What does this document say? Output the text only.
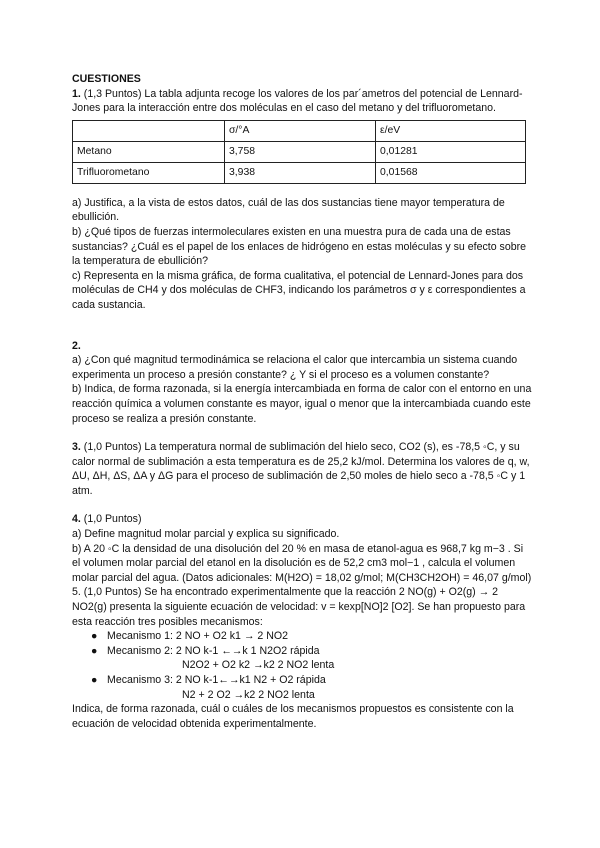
CUESTIONES

1. (1,3 Puntos) La tabla adjunta recoge los valores de los par´ametros del potencial de Lennard-Jones para la interacción entre dos moléculas en el caso del metano y del trifluorometano.

	σ/°A	ε/eV
Metano	3,758	0,01281
Trifluorometano	3,938	0,01568

a) Justifica, a la vista de estos datos, cuál de las dos sustancias tiene mayor temperatura de ebullición.

b) ¿Qué tipos de fuerzas intermoleculares existen en una muestra pura de cada una de estas sustancias? ¿Cuál es el papel de los enlaces de hidrógeno en estas moléculas y su efecto sobre la temperatura de ebullición?

c) Representa en la misma gráfica, de forma cualitativa, el potencial de Lennard-Jones para dos moléculas de CH4 y dos moléculas de CHF3, indicando los parámetros σ y ε correspondientes a cada sustancia.

2.

a) ¿Con qué magnitud termodinámica se relaciona el calor que intercambia un sistema cuando experimenta un proceso a presión constante? ¿ Y si el proceso es a volumen constante?

b) Indica, de forma razonada, si la energía intercambiada en forma de calor con el entorno en una reacción química a volumen constante es mayor, igual o menor que la intercambiada cuando este proceso se realiza a presión constante.

3. (1,0 Puntos) La temperatura normal de sublimación del hielo seco, CO2 (s), es -78,5 ◦C, y su calor normal de sublimación a esta temperatura es de 25,2 kJ/mol. Determina los valores de q, w, ΔU, ΔH, ΔS, ΔA y ΔG para el proceso de sublimación de 2,50 moles de hielo seco a -78,5 ◦C y 1 atm.

4. (1,0 Puntos)

a) Define magnitud molar parcial y explica su significado.

b) A 20 ◦C la densidad de una disolución del 20 % en masa de etanol-agua es 968,7 kg m−3 . Si el volumen molar parcial del etanol en la disolución es de 52,2 cm3 mol−1 , calcula el volumen molar parcial del agua. (Datos adicionales: M(H2O) = 18,02 g/mol; M(CH3CH2OH) = 46,07 g/mol)

5. (1,0 Puntos) Se ha encontrado experimentalmente que la reacción 2 NO(g) + O2(g) → 2 NO2(g) presenta la siguiente ecuación de velocidad: v = kexp[NO]2 [O2]. Se han propuesto para esta reacción tres posibles mecanismos:

● Mecanismo 1: 2 NO + O2 k1 → 2 NO2
● Mecanismo 2: 2 NO k-1 ←→k 1 N2O2 rápida
N2O2 + O2 k2 →k2 2 NO2 lenta
● Mecanismo 3: 2 NO k-1←→k1 N2 + O2 rápida
N2 + 2 O2 →k2 2 NO2 lenta

Indica, de forma razonada, cuál o cuáles de los mecanismos propuestos es consistente con la ecuación de velocidad obtenida experimentalmente.
